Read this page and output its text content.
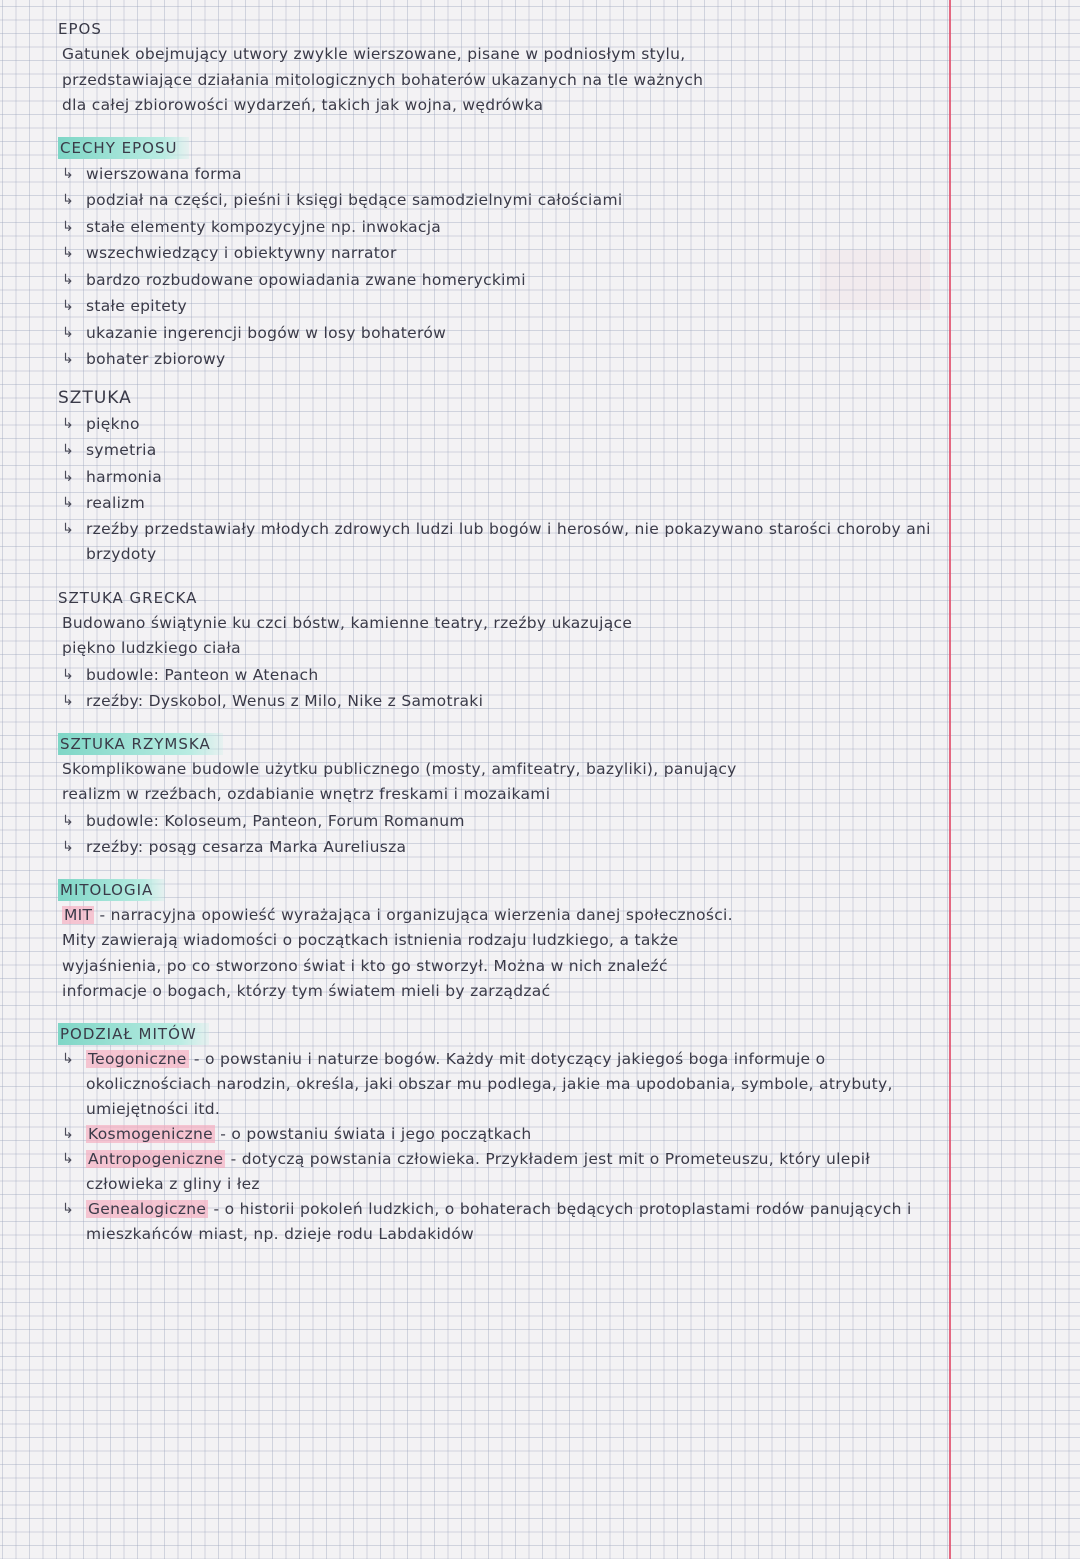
EPOS

Gatunek obejmujący utwory zwykle wierszowane, pisane w podniosłym stylu,

przedstawiające działania mitologicznych bohaterów ukazanych na tle ważnych

dla całej zbiorowości wydarzeń, takich jak wojna, wędrówka

CECHY EPOSU
↳ wierszowana forma
↳ podział na części, pieśni i księgi będące samodzielnymi całościami
↳ stałe elementy kompozycyjne np. inwokacja
↳ wszechwiedzący i obiektywny narrator
↳ bardzo rozbudowane opowiadania zwane homeryckimi
↳ stałe epitety
↳ ukazanie ingerencji bogów w losy bohaterów
↳ bohater zbiorowy
SZTUKA
↳ piękno
↳ symetria
↳ harmonia
↳ realizm
↳ rzeźby przedstawiały młodych zdrowych ludzi lub bogów i herosów, nie pokazywano starości choroby ani brzydoty
SZTUKA GRECKA

Budowano świątynie ku czci bóstw, kamienne teatry, rzeźby ukazujące

piękno ludzkiego ciała

↳ budowle: Panteon w Atenach
↳ rzeźby: Dyskobol, Wenus z Milo, Nike z Samotraki
SZTUKA RZYMSKA

Skomplikowane budowle użytku publicznego (mosty, amfiteatry, bazyliki), panujący

realizm w rzeźbach, ozdabianie wnętrz freskami i mozaikami

↳ budowle: Koloseum, Panteon, Forum Romanum
↳ rzeźby: posąg cesarza Marka Aureliusza
MITOLOGIA

MIT - narracyjna opowieść wyrażająca i organizująca wierzenia danej społeczności.

Mity zawierają wiadomości o początkach istnienia rodzaju ludzkiego, a także

wyjaśnienia, po co stworzono świat i kto go stworzył. Można w nich znaleźć

informacje o bogach, którzy tym światem mieli by zarządzać

PODZIAŁ MITÓW
↳ Teogoniczne - o powstaniu i naturze bogów. Każdy mit dotyczący jakiegoś boga informuje o okolicznościach narodzin, określa, jaki obszar mu podlega, jakie ma upodobania, symbole, atrybuty, umiejętności itd.
↳ Kosmogeniczne - o powstaniu świata i jego początkach
↳ Antropogeniczne - dotyczą powstania człowieka. Przykładem jest mit o Prometeuszu, który ulepił człowieka z gliny i łez
↳ Genealogiczne - o historii pokoleń ludzkich, o bohaterach będących protoplastami rodów panujących i mieszkańców miast, np. dzieje rodu Labdakidów
